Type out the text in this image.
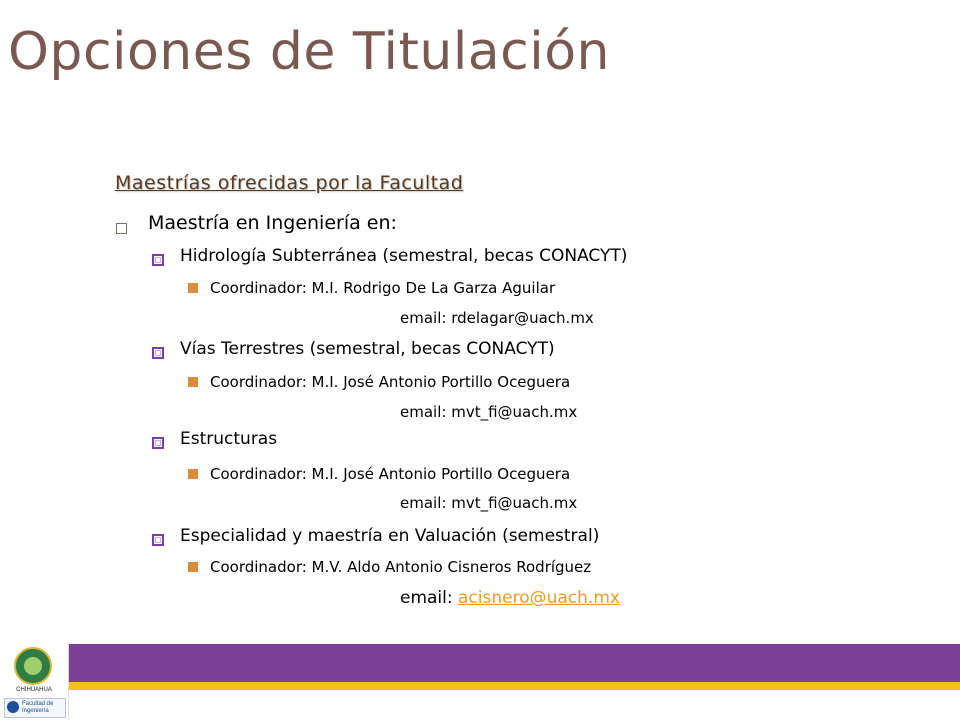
Opciones de Titulación
Maestrías ofrecidas por la Facultad
Maestría en Ingeniería en:
Hidrología Subterránea (semestral, becas CONACYT)
Coordinador: M.I. Rodrigo De La Garza Aguilar
email: rdelagar@uach.mx
Vías Terrestres (semestral, becas CONACYT)
Coordinador: M.I. José Antonio Portillo Oceguera
email: mvt_fi@uach.mx
Estructuras
Coordinador: M.I. José Antonio Portillo Oceguera
email: mvt_fi@uach.mx
Especialidad y maestría en Valuación (semestral)
Coordinador: M.V. Aldo Antonio Cisneros Rodríguez
email: acisnero@uach.mx
CHIHUAHUA
Facultad de
Ingeniería
